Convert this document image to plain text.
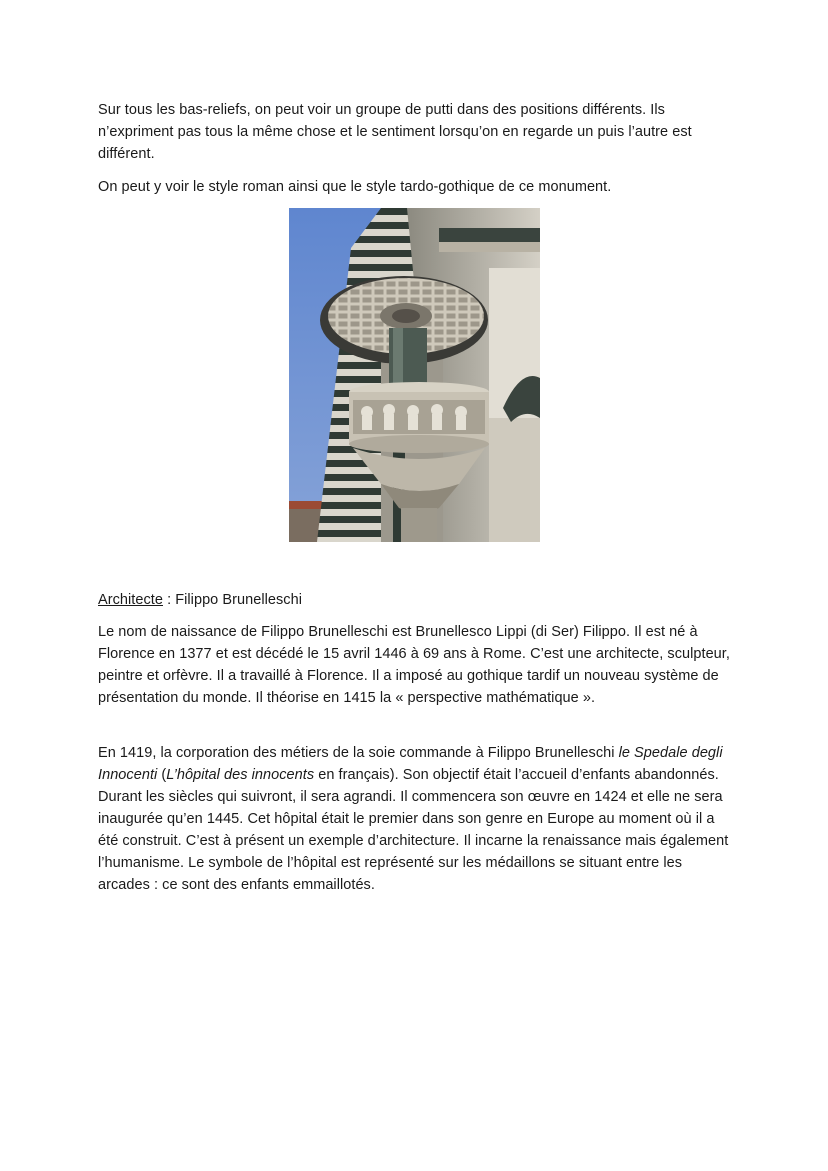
Sur tous les bas-reliefs, on peut voir un groupe de putti dans des positions différents. Ils n’expriment pas tous la même chose et le sentiment lorsqu’on en regarde un puis l’autre est différent.

On peut y voir le style roman ainsi que le style tardo-gothique de ce monument.

Architecte : Filippo Brunelleschi

Le nom de naissance de Filippo Brunelleschi est Brunellesco Lippi (di Ser) Filippo. Il est né à Florence en 1377 et est décédé le 15 avril 1446 à 69 ans à Rome. C’est une architecte, sculpteur, peintre et orfèvre. Il a travaillé à Florence. Il a imposé au gothique tardif un nouveau système de présentation du monde. Il théorise en 1415 la « perspective mathématique ».

En 1419, la corporation des métiers de la soie commande à Filippo Brunelleschi le Spedale degli Innocenti (L’hôpital des innocents en français). Son objectif était l’accueil d’enfants abandonnés. Durant les siècles qui suivront, il sera agrandi. Il commencera son œuvre en 1424 et elle ne sera inaugurée qu’en 1445. Cet hôpital était le premier dans son genre en Europe au moment où il a été construit. C’est à présent un exemple d’architecture. Il incarne la renaissance mais également l’humanisme. Le symbole de l’hôpital est représenté sur les médaillons se situant entre les arcades : ce sont des enfants emmaillotés.
